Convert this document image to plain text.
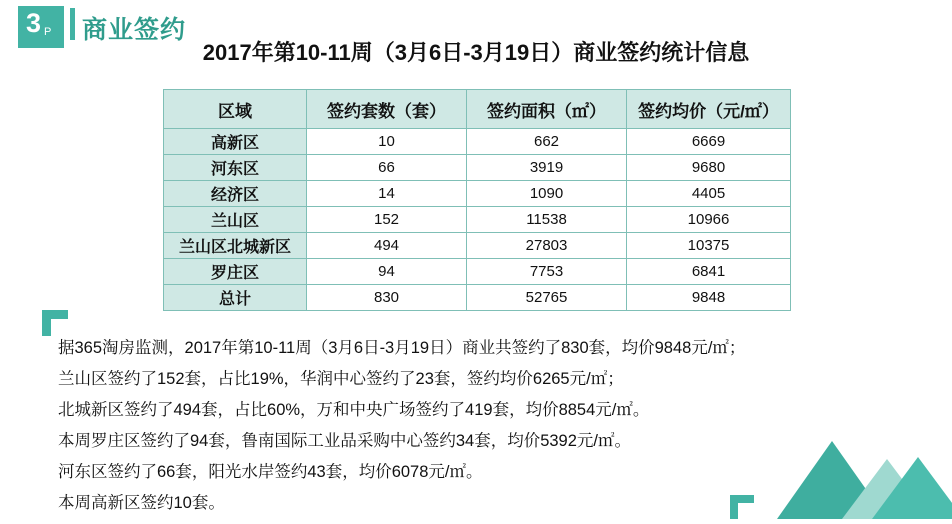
3 P 商业签约
2017年第10-11周（3月6日-3月19日）商业签约统计信息
区域	签约套数（套）	签约面积（㎡）	签约均价（元/㎡）
高新区	10	662	6669
河东区	66	3919	9680
经济区	14	1090	4405
兰山区	152	11538	10966
兰山区北城新区	494	27803	10375
罗庄区	94	7753	6841
总计	830	52765	9848

据365淘房监测，2017年第10-11周（3月6日-3月19日）商业共签约了830套，均价9848元/㎡；

兰山区签约了152套，占比19%，华润中心签约了23套，签约均价6265元/㎡；

北城新区签约了494套，占比60%，万和中央广场签约了419套，均价8854元/㎡。

本周罗庄区签约了94套，鲁南国际工业品采购中心签约34套，均价5392元/㎡。

河东区签约了66套，阳光水岸签约43套，均价6078元/㎡。

本周高新区签约10套。
